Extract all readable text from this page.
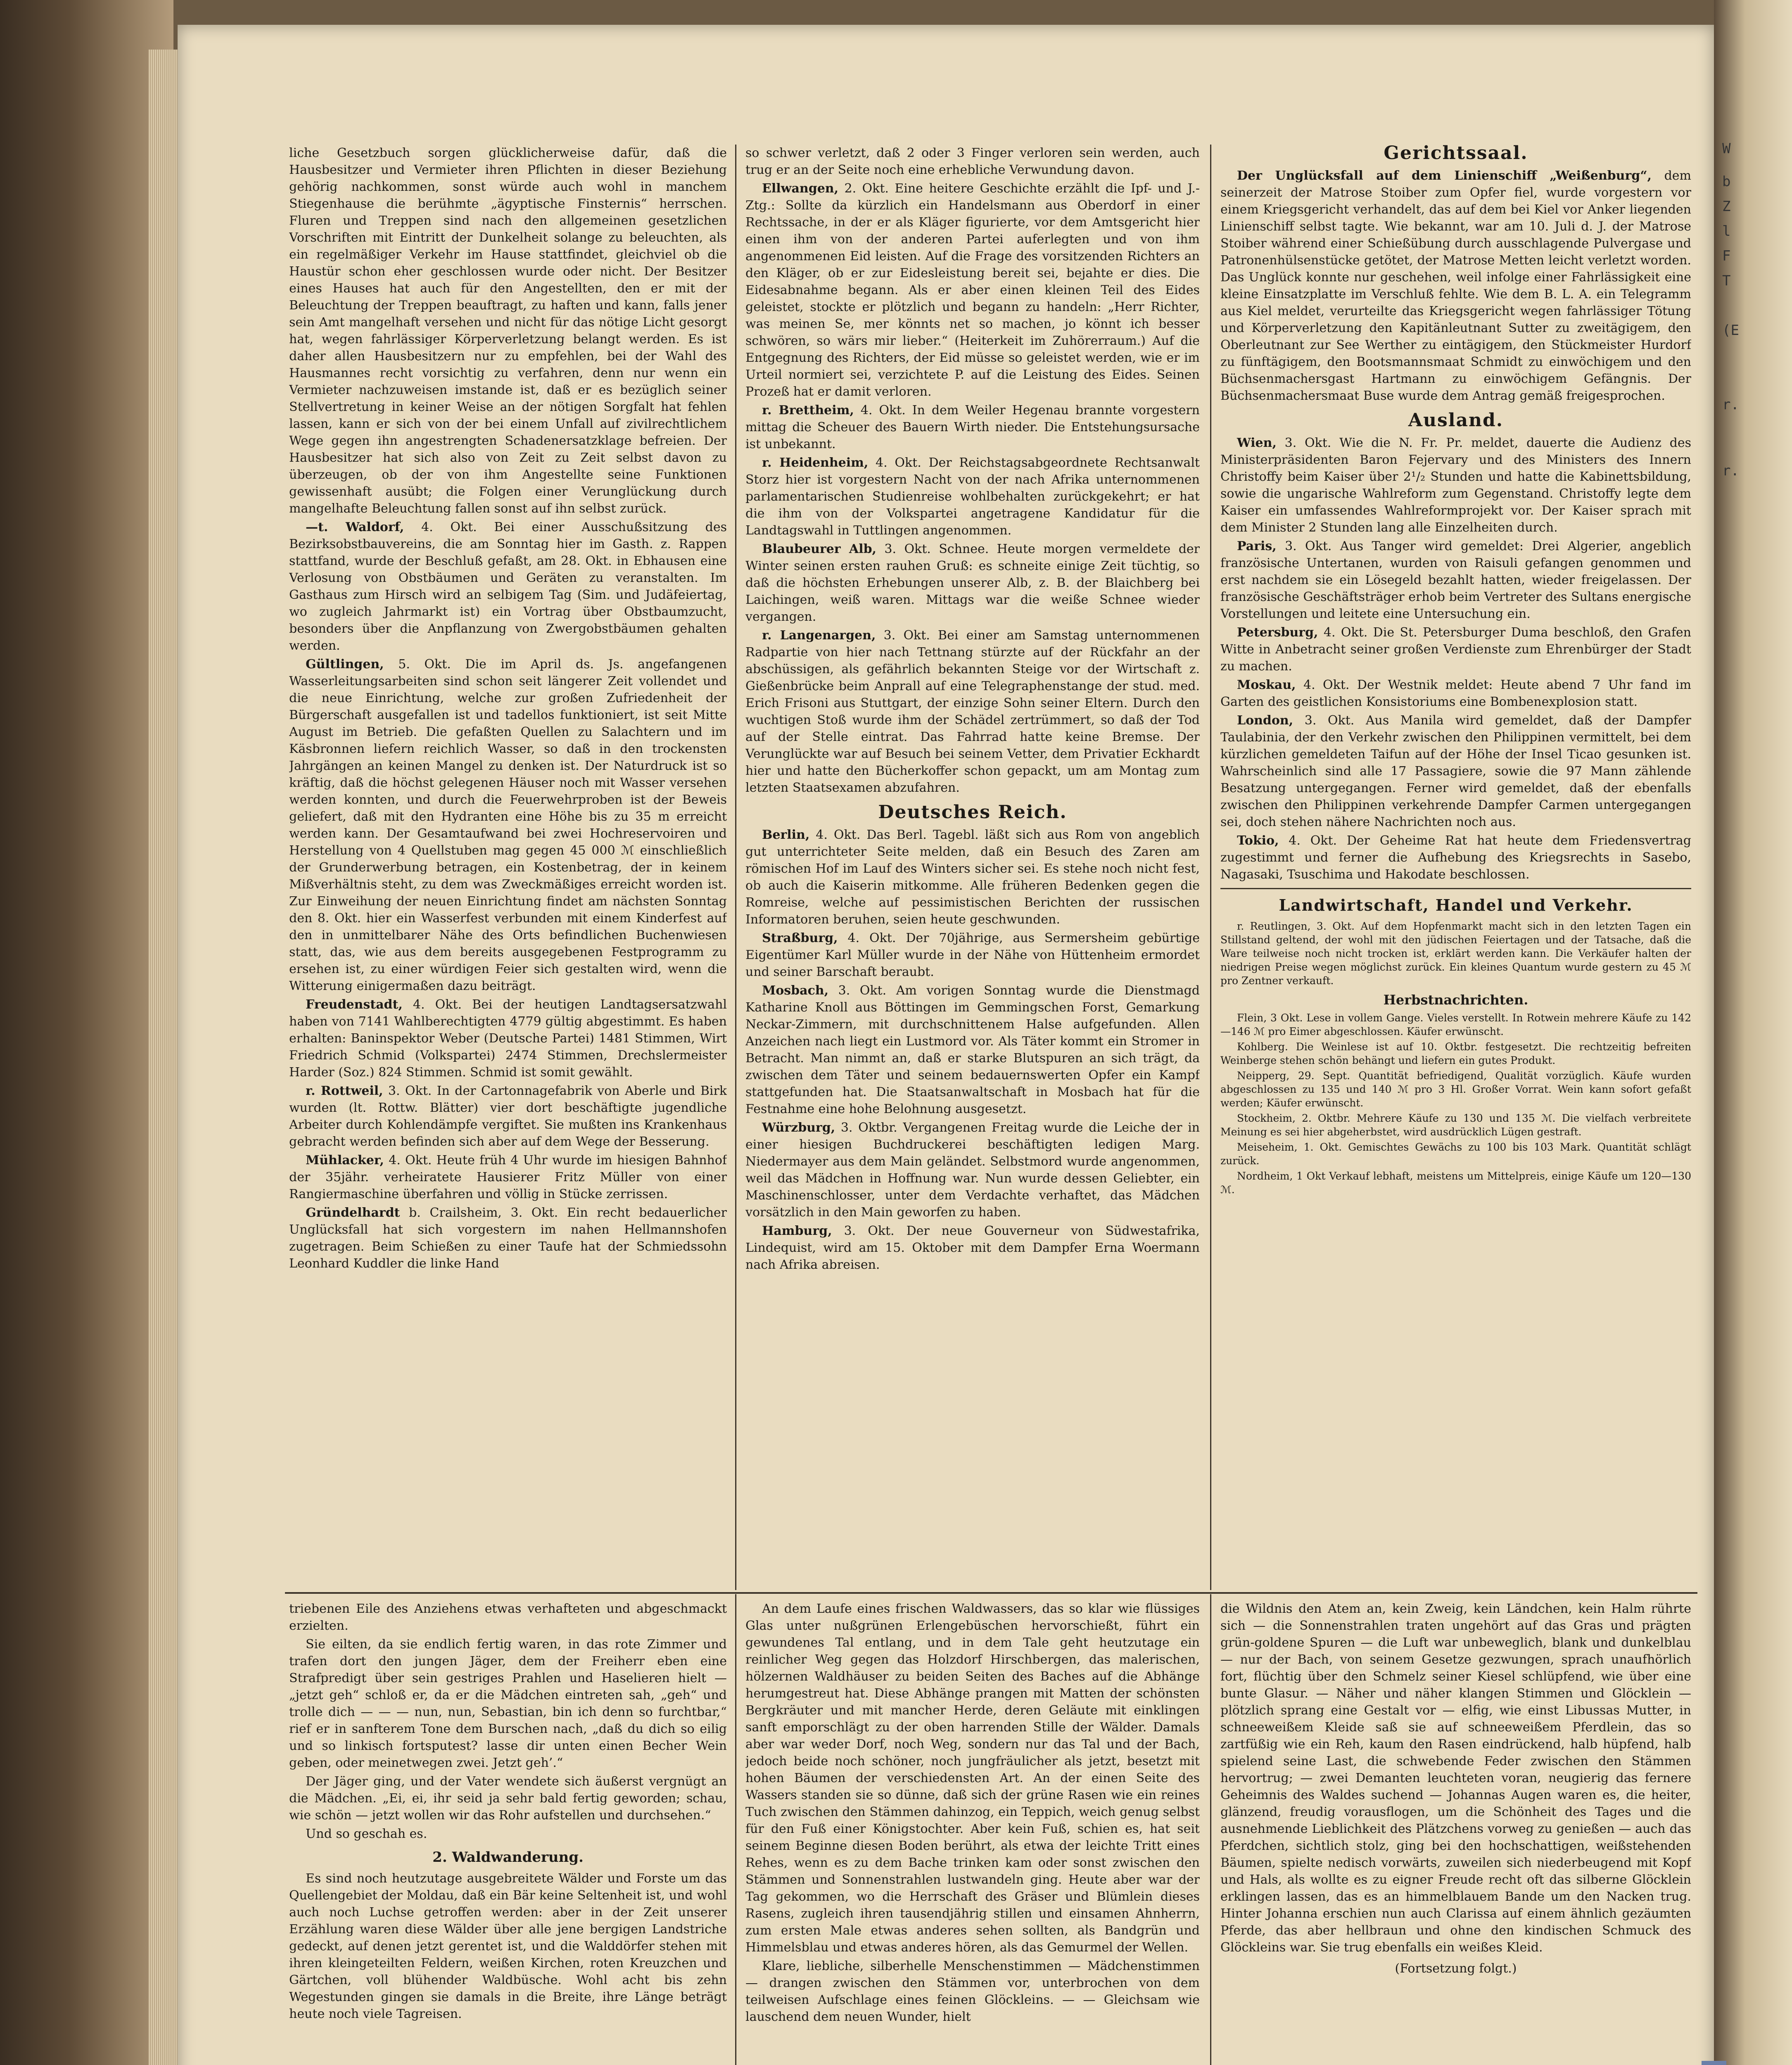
liche Gesetzbuch sorgen glücklicherweise dafür, daß die Hausbesitzer und Vermieter ihren Pflichten in dieser Beziehung gehörig nachkommen, sonst würde auch wohl in manchem Stiegenhause die berühmte „ägyptische Finsternis“ herrschen. Fluren und Treppen sind nach den allgemeinen gesetzlichen Vorschriften mit Eintritt der Dunkelheit solange zu beleuchten, als ein regelmäßiger Verkehr im Hause stattfindet, gleichviel ob die Haustür schon eher geschlossen wurde oder nicht. Der Besitzer eines Hauses hat auch für den Angestellten, den er mit der Beleuchtung der Treppen beauftragt, zu haften und kann, falls jener sein Amt mangelhaft versehen und nicht für das nötige Licht gesorgt hat, wegen fahrlässiger Körperverletzung belangt werden. Es ist daher allen Hausbesitzern nur zu empfehlen, bei der Wahl des Hausmannes recht vorsichtig zu verfahren, denn nur wenn ein Vermieter nachzuweisen imstande ist, daß er es bezüglich seiner Stellvertretung in keiner Weise an der nötigen Sorgfalt hat fehlen lassen, kann er sich von der bei einem Unfall auf zivilrechtlichem Wege gegen ihn angestrengten Schadenersatzklage befreien. Der Hausbesitzer hat sich also von Zeit zu Zeit selbst davon zu überzeugen, ob der von ihm Angestellte seine Funktionen gewissenhaft ausübt; die Folgen einer Verunglückung durch mangelhafte Beleuchtung fallen sonst auf ihn selbst zurück.

—t. Waldorf, 4. Okt. Bei einer Ausschußsitzung des Bezirksobstbauvereins, die am Sonntag hier im Gasth. z. Rappen stattfand, wurde der Beschluß gefaßt, am 28. Okt. in Ebhausen eine Verlosung von Obstbäumen und Geräten zu veranstalten. Im Gasthaus zum Hirsch wird an selbigem Tag (Sim. und Judäfeiertag, wo zugleich Jahrmarkt ist) ein Vortrag über Obstbaumzucht, besonders über die Anpflanzung von Zwergobstbäumen gehalten werden.

Gültlingen, 5. Okt. Die im April ds. Js. angefangenen Wasserleitungsarbeiten sind schon seit längerer Zeit vollendet und die neue Einrichtung, welche zur großen Zufriedenheit der Bürgerschaft ausgefallen ist und tadellos funktioniert, ist seit Mitte August im Betrieb. Die gefaßten Quellen zu Salachtern und im Käsbronnen liefern reichlich Wasser, so daß in den trockensten Jahrgängen an keinen Mangel zu denken ist. Der Naturdruck ist so kräftig, daß die höchst gelegenen Häuser noch mit Wasser versehen werden konnten, und durch die Feuerwehrproben ist der Beweis geliefert, daß mit den Hydranten eine Höhe bis zu 35 m erreicht werden kann. Der Gesamtaufwand bei zwei Hochreservoiren und Herstellung von 4 Quellstuben mag gegen 45 000 ℳ einschließlich der Grunderwerbung betragen, ein Kostenbetrag, der in keinem Mißverhältnis steht, zu dem was Zweckmäßiges erreicht worden ist. Zur Einweihung der neuen Einrichtung findet am nächsten Sonntag den 8. Okt. hier ein Wasserfest verbunden mit einem Kinderfest auf den in unmittelbarer Nähe des Orts befindlichen Buchenwiesen statt, das, wie aus dem bereits ausgegebenen Festprogramm zu ersehen ist, zu einer würdigen Feier sich gestalten wird, wenn die Witterung einigermaßen dazu beiträgt.

Freudenstadt, 4. Okt. Bei der heutigen Landtagsersatzwahl haben von 7141 Wahlberechtigten 4779 gültig abgestimmt. Es haben erhalten: Baninspektor Weber (Deutsche Partei) 1481 Stimmen, Wirt Friedrich Schmid (Volkspartei) 2474 Stimmen, Drechslermeister Harder (Soz.) 824 Stimmen. Schmid ist somit gewählt.

r. Rottweil, 3. Okt. In der Cartonnagefabrik von Aberle und Birk wurden (lt. Rottw. Blätter) vier dort beschäftigte jugendliche Arbeiter durch Kohlendämpfe vergiftet. Sie mußten ins Krankenhaus gebracht werden befinden sich aber auf dem Wege der Besserung.

Mühlacker, 4. Okt. Heute früh 4 Uhr wurde im hiesigen Bahnhof der 35jähr. verheiratete Hausierer Fritz Müller von einer Rangiermaschine überfahren und völlig in Stücke zerrissen.

Gründelhardt b. Crailsheim, 3. Okt. Ein recht bedauerlicher Unglücksfall hat sich vorgestern im nahen Hellmannshofen zugetragen. Beim Schießen zu einer Taufe hat der Schmiedssohn Leonhard Kuddler die linke Hand

so schwer verletzt, daß 2 oder 3 Finger verloren sein werden, auch trug er an der Seite noch eine erhebliche Verwundung davon.

Ellwangen, 2. Okt. Eine heitere Geschichte erzählt die Ipf- und J.-Ztg.: Sollte da kürzlich ein Handelsmann aus Oberdorf in einer Rechtssache, in der er als Kläger figurierte, vor dem Amtsgericht hier einen ihm von der anderen Partei auferlegten und von ihm angenommenen Eid leisten. Auf die Frage des vorsitzenden Richters an den Kläger, ob er zur Eidesleistung bereit sei, bejahte er dies. Die Eidesabnahme begann. Als er aber einen kleinen Teil des Eides geleistet, stockte er plötzlich und begann zu handeln: „Herr Richter, was meinen Se, mer könnts net so machen, jo könnt ich besser schwören, so wärs mir lieber.“ (Heiterkeit im Zuhörerraum.) Auf die Entgegnung des Richters, der Eid müsse so geleistet werden, wie er im Urteil normiert sei, verzichtete P. auf die Leistung des Eides. Seinen Prozeß hat er damit verloren.

r. Brettheim, 4. Okt. In dem Weiler Hegenau brannte vorgestern mittag die Scheuer des Bauern Wirth nieder. Die Entstehungsursache ist unbekannt.

r. Heidenheim, 4. Okt. Der Reichstagsabgeordnete Rechtsanwalt Storz hier ist vorgestern Nacht von der nach Afrika unternommenen parlamentarischen Studienreise wohlbehalten zurückgekehrt; er hat die ihm von der Volkspartei angetragene Kandidatur für die Landtagswahl in Tuttlingen angenommen.

Blaubeurer Alb, 3. Okt. Schnee. Heute morgen vermeldete der Winter seinen ersten rauhen Gruß: es schneite einige Zeit tüchtig, so daß die höchsten Erhebungen unserer Alb, z. B. der Blaichberg bei Laichingen, weiß waren. Mittags war die weiße Schnee wieder vergangen.

r. Langenargen, 3. Okt. Bei einer am Samstag unternommenen Radpartie von hier nach Tettnang stürzte auf der Rückfahr an der abschüssigen, als gefährlich bekannten Steige vor der Wirtschaft z. Gießenbrücke beim Anprall auf eine Telegraphenstange der stud. med. Erich Frisoni aus Stuttgart, der einzige Sohn seiner Eltern. Durch den wuchtigen Stoß wurde ihm der Schädel zertrümmert, so daß der Tod auf der Stelle eintrat. Das Fahrrad hatte keine Bremse. Der Verunglückte war auf Besuch bei seinem Vetter, dem Privatier Eckhardt hier und hatte den Bücherkoffer schon gepackt, um am Montag zum letzten Staatsexamen abzufahren.

Deutsches Reich.

Berlin, 4. Okt. Das Berl. Tagebl. läßt sich aus Rom von angeblich gut unterrichteter Seite melden, daß ein Besuch des Zaren am römischen Hof im Lauf des Winters sicher sei. Es stehe noch nicht fest, ob auch die Kaiserin mitkomme. Alle früheren Bedenken gegen die Romreise, welche auf pessimistischen Berichten der russischen Informatoren beruhen, seien heute geschwunden.

Straßburg, 4. Okt. Der 70jährige, aus Sermersheim gebürtige Eigentümer Karl Müller wurde in der Nähe von Hüttenheim ermordet und seiner Barschaft beraubt.

Mosbach, 3. Okt. Am vorigen Sonntag wurde die Dienstmagd Katharine Knoll aus Böttingen im Gemmingschen Forst, Gemarkung Neckar-Zimmern, mit durchschnittenem Halse aufgefunden. Allen Anzeichen nach liegt ein Lustmord vor. Als Täter kommt ein Stromer in Betracht. Man nimmt an, daß er starke Blutspuren an sich trägt, da zwischen dem Täter und seinem bedauernswerten Opfer ein Kampf stattgefunden hat. Die Staatsanwaltschaft in Mosbach hat für die Festnahme eine hohe Belohnung ausgesetzt.

Würzburg, 3. Oktbr. Vergangenen Freitag wurde die Leiche der in einer hiesigen Buchdruckerei beschäftigten ledigen Marg. Niedermayer aus dem Main geländet. Selbstmord wurde angenommen, weil das Mädchen in Hoffnung war. Nun wurde dessen Geliebter, ein Maschinenschlosser, unter dem Verdachte verhaftet, das Mädchen vorsätzlich in den Main geworfen zu haben.

Hamburg, 3. Okt. Der neue Gouverneur von Südwestafrika, Lindequist, wird am 15. Oktober mit dem Dampfer Erna Woermann nach Afrika abreisen.

Gerichtssaal.

Der Unglücksfall auf dem Linienschiff „Weißenburg“, dem seinerzeit der Matrose Stoiber zum Opfer fiel, wurde vorgestern vor einem Kriegsgericht verhandelt, das auf dem bei Kiel vor Anker liegenden Linienschiff selbst tagte. Wie bekannt, war am 10. Juli d. J. der Matrose Stoiber während einer Schießübung durch ausschlagende Pulvergase und Patronenhülsenstücke getötet, der Matrose Metten leicht verletzt worden. Das Unglück konnte nur geschehen, weil infolge einer Fahrlässigkeit eine kleine Einsatzplatte im Verschluß fehlte. Wie dem B. L. A. ein Telegramm aus Kiel meldet, verurteilte das Kriegsgericht wegen fahrlässiger Tötung und Körperverletzung den Kapitänleutnant Sutter zu zweitägigem, den Oberleutnant zur See Werther zu eintägigem, den Stückmeister Hurdorf zu fünftägigem, den Bootsmannsmaat Schmidt zu einwöchigem und den Büchsenmachersgast Hartmann zu einwöchigem Gefängnis. Der Büchsenmachersmaat Buse wurde dem Antrag gemäß freigesprochen.

Ausland.

Wien, 3. Okt. Wie die N. Fr. Pr. meldet, dauerte die Audienz des Ministerpräsidenten Baron Fejervary und des Ministers des Innern Christoffy beim Kaiser über 2¹/₂ Stunden und hatte die Kabinettsbildung, sowie die ungarische Wahlreform zum Gegenstand. Christoffy legte dem Kaiser ein umfassendes Wahlreformprojekt vor. Der Kaiser sprach mit dem Minister 2 Stunden lang alle Einzelheiten durch.

Paris, 3. Okt. Aus Tanger wird gemeldet: Drei Algerier, angeblich französische Untertanen, wurden von Raisuli gefangen genommen und erst nachdem sie ein Lösegeld bezahlt hatten, wieder freigelassen. Der französische Geschäftsträger erhob beim Vertreter des Sultans energische Vorstellungen und leitete eine Untersuchung ein.

Petersburg, 4. Okt. Die St. Petersburger Duma beschloß, den Grafen Witte in Anbetracht seiner großen Verdienste zum Ehrenbürger der Stadt zu machen.

Moskau, 4. Okt. Der Westnik meldet: Heute abend 7 Uhr fand im Garten des geistlichen Konsistoriums eine Bombenexplosion statt.

London, 3. Okt. Aus Manila wird gemeldet, daß der Dampfer Taulabinia, der den Verkehr zwischen den Philippinen vermittelt, bei dem kürzlichen gemeldeten Taifun auf der Höhe der Insel Ticao gesunken ist. Wahrscheinlich sind alle 17 Passagiere, sowie die 97 Mann zählende Besatzung untergegangen. Ferner wird gemeldet, daß der ebenfalls zwischen den Philippinen verkehrende Dampfer Carmen untergegangen sei, doch stehen nähere Nachrichten noch aus.

Tokio, 4. Okt. Der Geheime Rat hat heute dem Friedensvertrag zugestimmt und ferner die Aufhebung des Kriegsrechts in Sasebo, Nagasaki, Tsuschima und Hakodate beschlossen.

Landwirtschaft, Handel und Verkehr.

r. Reutlingen, 3. Okt. Auf dem Hopfenmarkt macht sich in den letzten Tagen ein Stillstand geltend, der wohl mit den jüdischen Feiertagen und der Tatsache, daß die Ware teilweise noch nicht trocken ist, erklärt werden kann. Die Verkäufer halten der niedrigen Preise wegen möglichst zurück. Ein kleines Quantum wurde gestern zu 45 ℳ pro Zentner verkauft.

Herbstnachrichten.

Flein, 3 Okt. Lese in vollem Gange. Vieles verstellt. In Rotwein mehrere Käufe zu 142—146 ℳ pro Eimer abgeschlossen. Käufer erwünscht.

Kohlberg. Die Weinlese ist auf 10. Oktbr. festgesetzt. Die rechtzeitig befreiten Weinberge stehen schön behängt und liefern ein gutes Produkt.

Neipperg, 29. Sept. Quantität befriedigend, Qualität vorzüglich. Käufe wurden abgeschlossen zu 135 und 140 ℳ pro 3 Hl. Großer Vorrat. Wein kann sofort gefaßt werden; Käufer erwünscht.

Stockheim, 2. Oktbr. Mehrere Käufe zu 130 und 135 ℳ. Die vielfach verbreitete Meinung es sei hier abgeherbstet, wird ausdrücklich Lügen gestraft.

Meiseheim, 1. Okt. Gemischtes Gewächs zu 100 bis 103 Mark. Quantität schlägt zurück.

Nordheim, 1 Okt Verkauf lebhaft, meistens um Mittelpreis, einige Käufe um 120—130 ℳ.

triebenen Eile des Anziehens etwas verhafteten und abgeschmackt erzielten.

Sie eilten, da sie endlich fertig waren, in das rote Zimmer und trafen dort den jungen Jäger, dem der Freiherr eben eine Strafpredigt über sein gestriges Prahlen und Haselieren hielt — „jetzt geh“ schloß er, da er die Mädchen eintreten sah, „geh“ und trolle dich — — — nun, nun, Sebastian, bin ich denn so furchtbar,“ rief er in sanfterem Tone dem Burschen nach, „daß du dich so eilig und so linkisch fortsputest? lasse dir unten einen Becher Wein geben, oder meinetwegen zwei. Jetzt geh’.“

Der Jäger ging, und der Vater wendete sich äußerst vergnügt an die Mädchen. „Ei, ei, ihr seid ja sehr bald fertig geworden; schau, wie schön — jetzt wollen wir das Rohr aufstellen und durchsehen.“

Und so geschah es.

2. Waldwanderung.

Es sind noch heutzutage ausgebreitete Wälder und Forste um das Quellengebiet der Moldau, daß ein Bär keine Seltenheit ist, und wohl auch noch Luchse getroffen werden: aber in der Zeit unserer Erzählung waren diese Wälder über alle jene bergigen Landstriche gedeckt, auf denen jetzt gerentet ist, und die Walddörfer stehen mit ihren kleingeteilten Feldern, weißen Kirchen, roten Kreuzchen und Gärtchen, voll blühender Waldbüsche. Wohl acht bis zehn Wegestunden gingen sie damals in die Breite, ihre Länge beträgt heute noch viele Tagreisen.

An dem Laufe eines frischen Waldwassers, das so klar wie flüssiges Glas unter nußgrünen Erlengebüschen hervorschießt, führt ein gewundenes Tal entlang, und in dem Tale geht heutzutage ein reinlicher Weg gegen das Holzdorf Hirschbergen, das malerischen, hölzernen Waldhäuser zu beiden Seiten des Baches auf die Abhänge herumgestreut hat. Diese Abhänge prangen mit Matten der schönsten Bergkräuter und mit mancher Herde, deren Geläute mit einklingen sanft emporschlägt zu der oben harrenden Stille der Wälder. Damals aber war weder Dorf, noch Weg, sondern nur das Tal und der Bach, jedoch beide noch schöner, noch jungfräulicher als jetzt, besetzt mit hohen Bäumen der verschiedensten Art. An der einen Seite des Wassers standen sie so dünne, daß sich der grüne Rasen wie ein reines Tuch zwischen den Stämmen dahinzog, ein Teppich, weich genug selbst für den Fuß einer Königstochter. Aber kein Fuß, schien es, hat seit seinem Beginne diesen Boden berührt, als etwa der leichte Tritt eines Rehes, wenn es zu dem Bache trinken kam oder sonst zwischen den Stämmen und Sonnenstrahlen lustwandeln ging. Heute aber war der Tag gekommen, wo die Herrschaft des Gräser und Blümlein dieses Rasens, zugleich ihren tausendjährig stillen und einsamen Ahnherrn, zum ersten Male etwas anderes sehen sollten, als Bandgrün und Himmelsblau und etwas anderes hören, als das Gemurmel der Wellen.

Klare, liebliche, silberhelle Menschenstimmen — Mädchenstimmen — drangen zwischen den Stämmen vor, unterbrochen von dem teilweisen Aufschlage eines feinen Glöckleins. — — Gleichsam wie lauschend dem neuen Wunder, hielt

die Wildnis den Atem an, kein Zweig, kein Ländchen, kein Halm rührte sich — die Sonnenstrahlen traten ungehört auf das Gras und prägten grün-goldene Spuren — die Luft war unbeweglich, blank und dunkelblau — nur der Bach, von seinem Gesetze gezwungen, sprach unaufhörlich fort, flüchtig über den Schmelz seiner Kiesel schlüpfend, wie über eine bunte Glasur. — Näher und näher klangen Stimmen und Glöcklein — plötzlich sprang eine Gestalt vor — elfig, wie einst Libussas Mutter, in schneeweißem Kleide saß sie auf schneeweißem Pferdlein, das so zartfüßig wie ein Reh, kaum den Rasen eindrückend, halb hüpfend, halb spielend seine Last, die schwebende Feder zwischen den Stämmen hervortrug; — zwei Demanten leuchteten voran, neugierig das fernere Geheimnis des Waldes suchend — Johannas Augen waren es, die heiter, glänzend, freudig vorausflogen, um die Schönheit des Tages und die ausnehmende Lieblichkeit des Plätzchens vorweg zu genießen — auch das Pferdchen, sichtlich stolz, ging bei den hochschattigen, weißstehenden Bäumen, spielte nedisch vorwärts, zuweilen sich niederbeugend mit Kopf und Hals, als wollte es zu eigner Freude recht oft das silberne Glöcklein erklingen lassen, das es an himmelblauem Bande um den Nacken trug. Hinter Johanna erschien nun auch Clarissa auf einem ähnlich gezäumten Pferde, das aber hellbraun und ohne den kindischen Schmuck des Glöckleins war. Sie trug ebenfalls ein weißes Kleid.

(Fortsetzung folgt.)
W
b
Z
l
F
T
(E
r.
r.
